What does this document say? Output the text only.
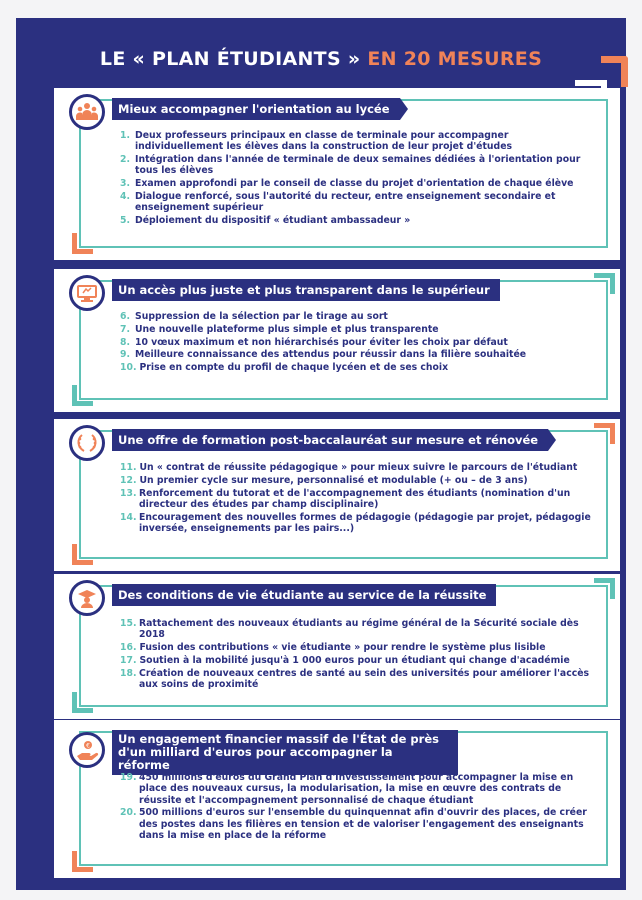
LE « PLAN ÉTUDIANTS » EN 20 MESURES
Mieux accompagner l'orientation au lycée
1. Deux professeurs principaux en classe de terminale pour accompagner individuellement les élèves dans la construction de leur projet d'études
2. Intégration dans l'année de terminale de deux semaines dédiées à l'orientation pour tous les élèves
3. Examen approfondi par le conseil de classe du projet d'orientation de chaque élève
4. Dialogue renforcé, sous l'autorité du recteur, entre enseignement secondaire et enseignement supérieur
5. Déploiement du dispositif « étudiant ambassadeur »
Un accès plus juste et plus transparent dans le supérieur
6. Suppression de la sélection par le tirage au sort
7. Une nouvelle plateforme plus simple et plus transparente
8. 10 vœux maximum et non hiérarchisés pour éviter les choix par défaut
9. Meilleure connaissance des attendus pour réussir dans la filière souhaitée
10. Prise en compte du profil de chaque lycéen et de ses choix
Une offre de formation post-baccalauréat sur mesure et rénovée
11. Un « contrat de réussite pédagogique » pour mieux suivre le parcours de l'étudiant
12. Un premier cycle sur mesure, personnalisé et modulable (+ ou – de 3 ans)
13. Renforcement du tutorat et de l'accompagnement des étudiants (nomination d'un directeur des études par champ disciplinaire)
14. Encouragement des nouvelles formes de pédagogie (pédagogie par projet, pédagogie inversée, enseignements par les pairs...)
Des conditions de vie étudiante au service de la réussite
15. Rattachement des nouveaux étudiants au régime général de la Sécurité sociale dès 2018
16. Fusion des contributions « vie étudiante » pour rendre le système plus lisible
17. Soutien à la mobilité jusqu'à 1 000 euros pour un étudiant qui change d'académie
18. Création de nouveaux centres de santé au sein des universités pour améliorer l'accès aux soins de proximité
€	Un engagement financier massif de l'État de près d'un milliard d'euros pour accompagner la réforme
19. 450 millions d'euros du Grand Plan d'Investissement pour accompagner la mise en place des nouveaux cursus, la modularisation, la mise en œuvre des contrats de réussite et l'accompagnement personnalisé de chaque étudiant
20. 500 millions d'euros sur l'ensemble du quinquennat afin d'ouvrir des places, de créer des postes dans les filières en tension et de valoriser l'engagement des enseignants dans la mise en place de la réforme
